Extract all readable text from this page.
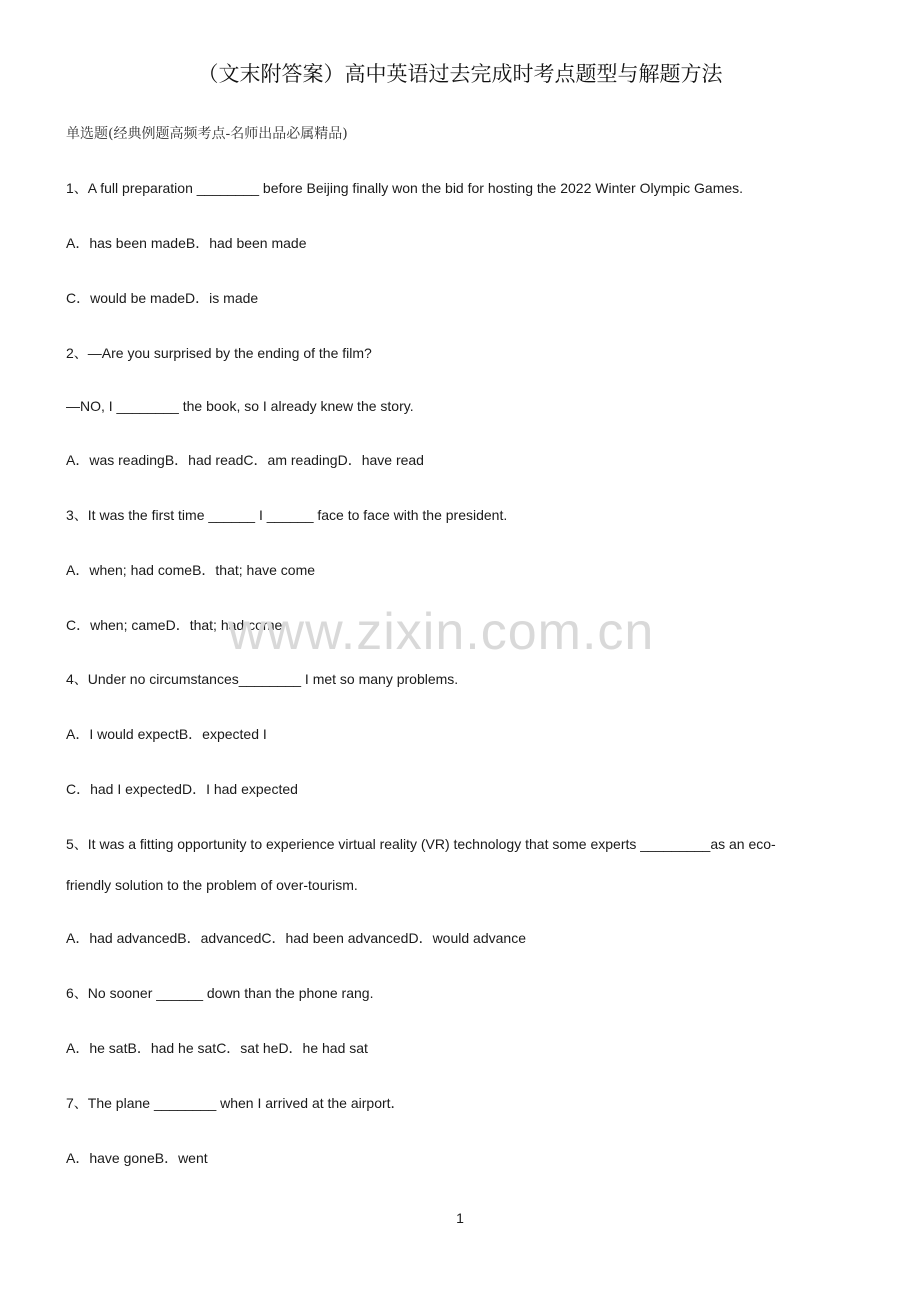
（文末附答案）高中英语过去完成时考点题型与解题方法
单选题(经典例题高频考点-名师出品必属精品)
1、A full preparation ________ before Beijing finally won the bid for hosting the 2022 Winter Olympic Games.
A．has been madeB．had been made
C．would be madeD．is made
2、—Are you surprised by the ending of the film?
—NO, I ________ the book, so I already knew the story.
A．was readingB．had readC．am readingD．have read
3、It was the first time ______ I ______ face to face with the president.
A．when; had comeB．that; have come
C．when; cameD．that; had come
4、Under no circumstances________ I met so many problems.
A．I would expectB．expected I
C．had I expectedD．I had expected
5、It was a fitting opportunity to experience virtual reality (VR) technology that some experts _________as an eco-
friendly solution to the problem of over-tourism.
A．had advancedB．advancedC．had been advancedD．would advance
6、No sooner ______ down than the phone rang.
A．he satB．had he satC．sat heD．he had sat
7、The plane ________ when I arrived at the airport．
A．have goneB．went
www.zixin.com.cn
1
